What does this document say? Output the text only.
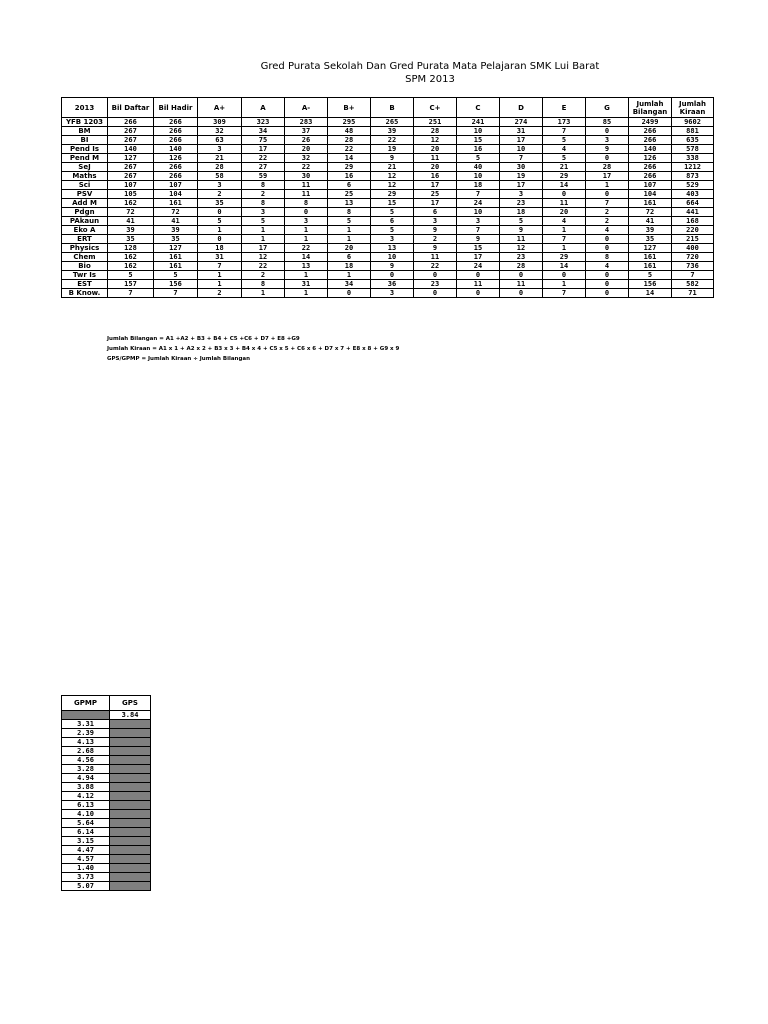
Gred Purata Sekolah Dan Gred Purata Mata Pelajaran SMK Lui Barat
SPM 2013
2013	Bil Daftar	Bil Hadir	A+	A	A-	B+	B	C+	C	D	E	G	Jumlah Bilangan	Jumlah Kiraan
YFB 1203	266	266	309	323	283	295	265	251	241	274	173	85	2499	9602
BM	267	266	32	34	37	48	39	28	10	31	7	0	266	881
BI	267	266	63	75	26	28	22	12	15	17	5	3	266	635
Pend Is	140	140	3	17	20	22	19	20	16	10	4	9	140	578
Pend M	127	126	21	22	32	14	9	11	5	7	5	0	126	338
SeJ	267	266	28	27	22	29	21	20	40	30	21	28	266	1212
Maths	267	266	58	59	30	16	12	16	10	19	29	17	266	873
Sci	107	107	3	8	11	6	12	17	18	17	14	1	107	529
PSV	105	104	2	2	11	25	29	25	7	3	0	0	104	403
Add M	162	161	35	8	8	13	15	17	24	23	11	7	161	664
Pdgn	72	72	0	3	0	8	5	6	10	18	20	2	72	441
PAkaun	41	41	5	5	3	5	6	3	3	5	4	2	41	168
Eko A	39	39	1	1	1	1	5	9	7	9	1	4	39	220
ERT	35	35	0	1	1	1	3	2	9	11	7	0	35	215
Physics	128	127	18	17	22	20	13	9	15	12	1	0	127	400
Chem	162	161	31	12	14	6	10	11	17	23	29	8	161	720
Bio	162	161	7	22	13	18	9	22	24	28	14	4	161	736
Twr Is	5	5	1	2	1	1	0	0	0	0	0	0	5	7
EST	157	156	1	8	31	34	36	23	11	11	1	0	156	582
B Know.	7	7	2	1	1	0	3	0	0	0	7	0	14	71
Jumlah Bilangan = A1 +A2 + B3 + B4 + C5 +C6 + D7 + E8 +G9
Jumlah Kiraan = A1 x 1 + A2 x 2 + B3 x 3 + B4 x 4 + C5 x 5 + C6 x 6 + D7 x 7 + E8 x 8 + G9 x 9
GPS/GPMP = Jumlah Kiraan ÷ Jumlah Bilangan
GPMP	GPS
	3.84
3.31	
2.39	
4.13	
2.68	
4.56	
3.28	
4.94	
3.88	
4.12	
6.13	
4.10	
5.64	
6.14	
3.15	
4.47	
4.57	
1.40	
3.73	
5.07	
